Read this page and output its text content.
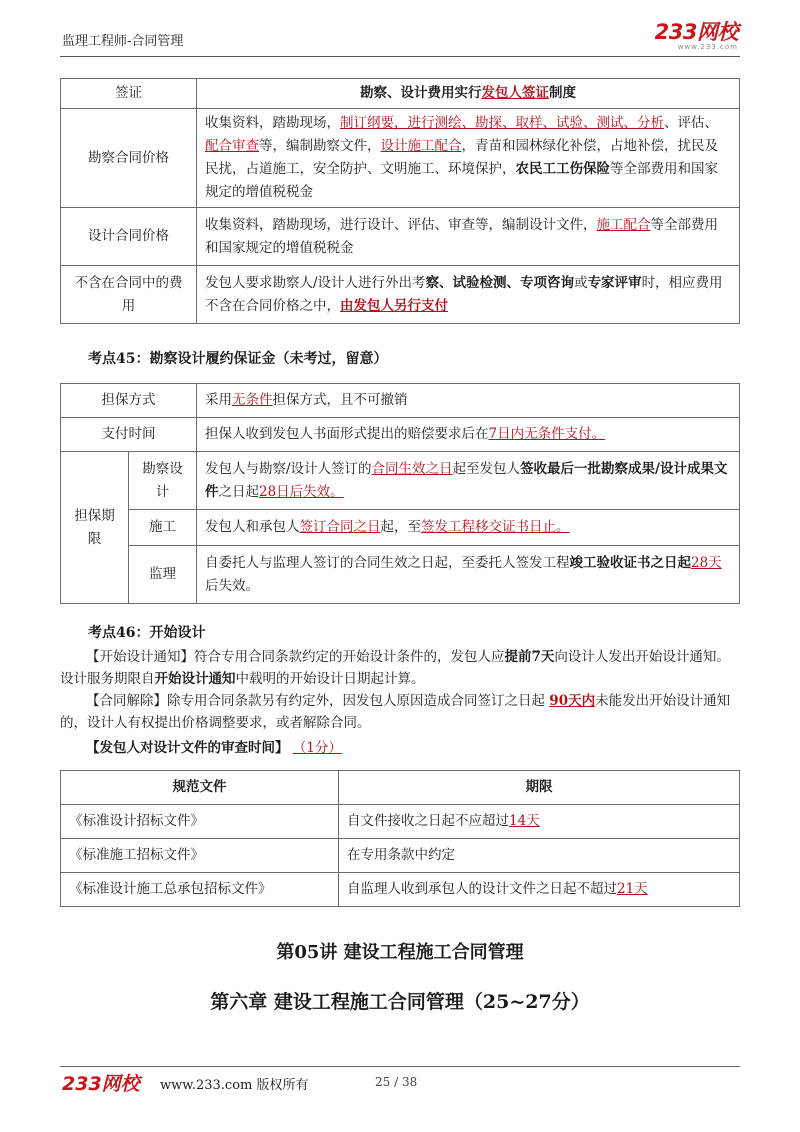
监理工程师-合同管理	233网校
www.233.com
签证	勘察、设计费用实行发包人签证制度
勘察合同价格	收集资料，踏勘现场，制订纲要，进行测绘、勘探、取样、试验、测试、分析、评估、配合审查等，编制勘察文件，设计施工配合，青苗和园林绿化补偿，占地补偿，扰民及民扰，占道施工，安全防护、文明施工、环境保护，农民工工伤保险等全部费用和国家规定的增值税税金
设计合同价格	收集资料，踏勘现场，进行设计、评估、审查等，编制设计文件，施工配合等全部费用和国家规定的增值税税金
不含在合同中的费用	发包人要求勘察人/设计人进行外出考察、试验检测、专项咨询或专家评审时，相应费用不含在合同价格之中，由发包人另行支付
考点45：勘察设计履约保证金（未考过，留意）
担保方式		采用无条件担保方式，且不可撤销
支付时间		担保人收到发包人书面形式提出的赔偿要求后在7日内无条件支付。
担保期限	勘察设计	发包人与勘察/设计人签订的合同生效之日起至发包人签收最后一批勘察成果/设计成果文件之日起28日后失效。
	施工	发包人和承包人签订合同之日起，至签发工程移交证书日止。
	监理	自委托人与监理人签订的合同生效之日起，至委托人签发工程竣工验收证书之日起28天后失效。
考点46：开始设计
【开始设计通知】符合专用合同条款约定的开始设计条件的，发包人应提前7天向设计人发出开始设计通知。设计服务期限自开始设计通知中载明的开始设计日期起计算。
【合同解除】除专用合同条款另有约定外，因发包人原因造成合同签订之日起 90天内未能发出开始设计通知的，设计人有权提出价格调整要求，或者解除合同。
【发包人对设计文件的审查时间】 （1分）
规范文件	期限
《标准设计招标文件》	自文件接收之日起不应超过14天
《标准施工招标文件》	在专用条款中约定
《标准设计施工总承包招标文件》	自监理人收到承包人的设计文件之日起不超过21天
第05讲 建设工程施工合同管理
第六章 建设工程施工合同管理（25~27分）
233网校 www.233.com 版权所有	25 / 38
